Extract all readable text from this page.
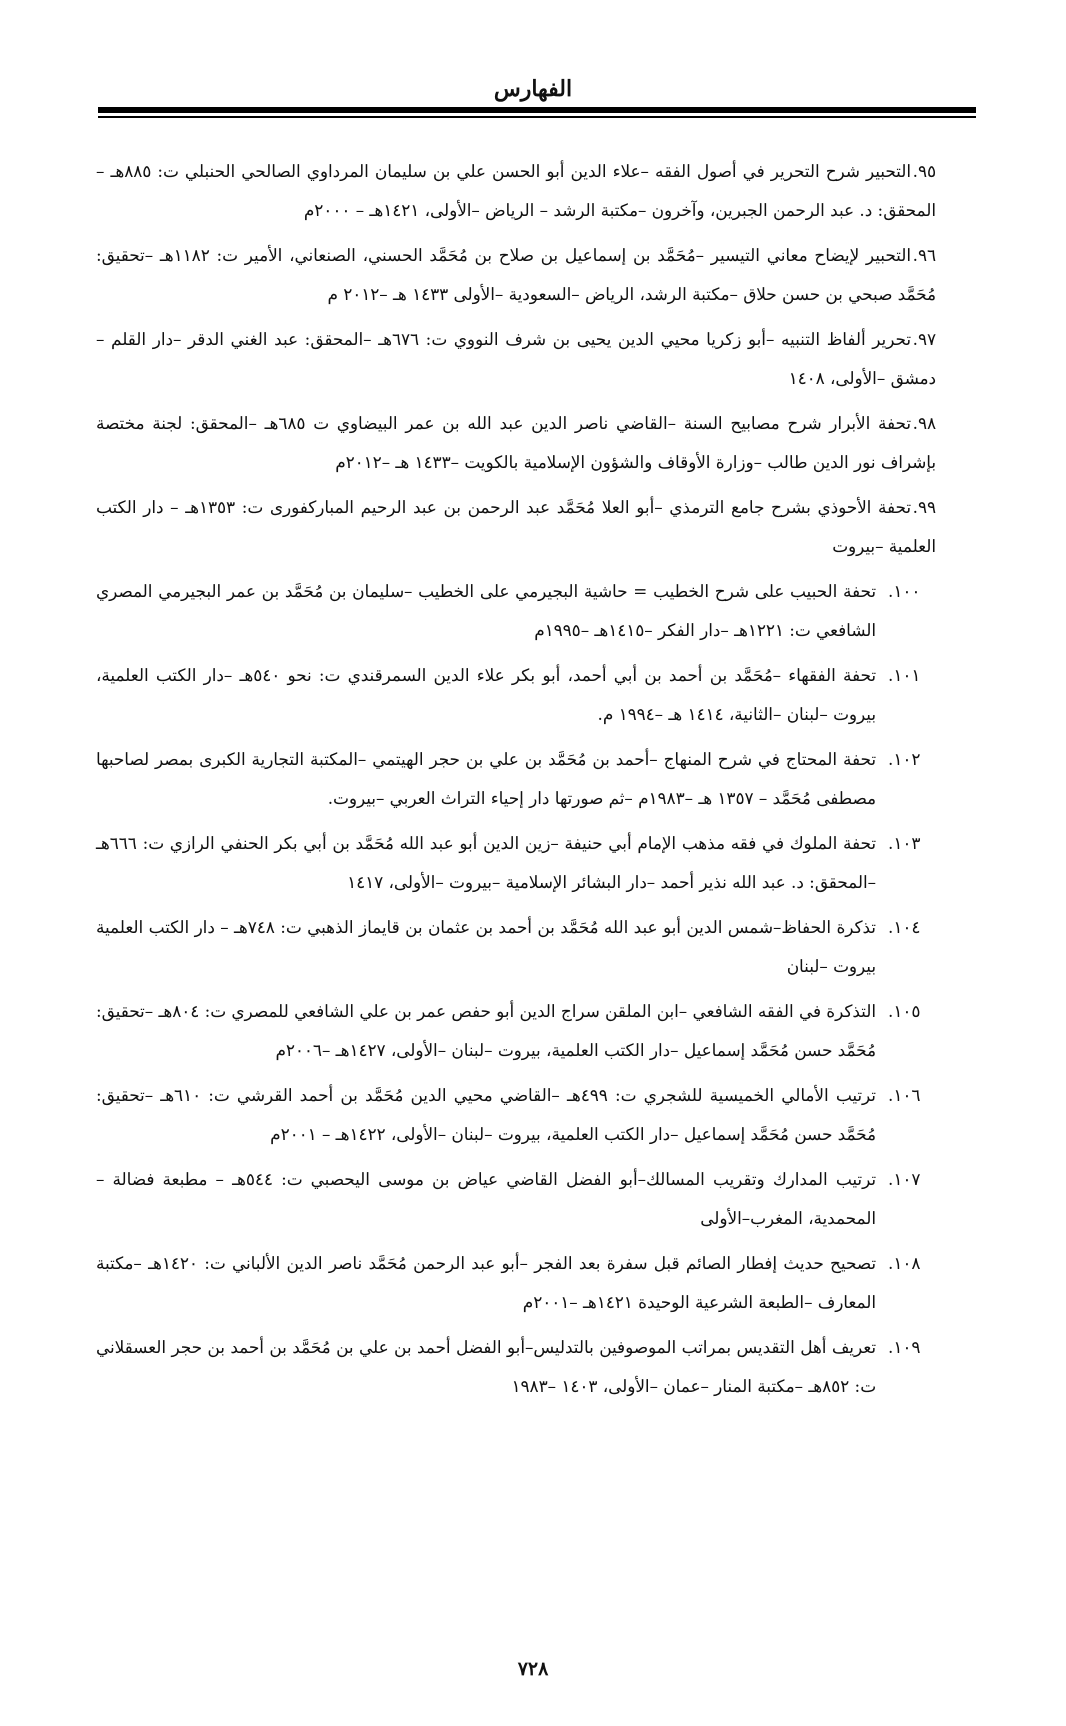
الفهارس
٩٥.
التحبير شرح التحرير في أصول الفقه –علاء الدين أبو الحسن علي بن سليمان المرداوي الصالحي الحنبلي ت: ٨٨٥هـ –المحقق: د. عبد الرحمن الجبرين، وآخرون –مكتبة الرشد – الرياض –الأولى، ١٤٢١هـ – ٢٠٠٠م
٩٦.
التحبير لإيضاح معاني التيسير –مُحَمَّد بن إسماعيل بن صلاح بن مُحَمَّد الحسني، الصنعاني، الأمير ت: ١١٨٢هـ –تحقيق: مُحَمَّد صبحي بن حسن حلاق –مكتبة الرشد، الرياض –السعودية –الأولى ١٤٣٣ هـ –٢٠١٢ م
٩٧.
تحرير ألفاظ التنبيه –أبو زكريا محيي الدين يحيى بن شرف النووي ت: ٦٧٦هـ –المحقق: عبد الغني الدقر –دار القلم –دمشق –الأولى، ١٤٠٨
٩٨.
تحفة الأبرار شرح مصابيح السنة –القاضي ناصر الدين عبد الله بن عمر البيضاوي ت ٦٨٥هـ –المحقق: لجنة مختصة بإشراف نور الدين طالب –وزارة الأوقاف والشؤون الإسلامية بالكويت –١٤٣٣ هـ –٢٠١٢م
٩٩.
تحفة الأحوذي بشرح جامع الترمذي –أبو العلا مُحَمَّد عبد الرحمن بن عبد الرحيم المباركفورى ت: ١٣٥٣هـ – دار الكتب العلمية –بيروت
١٠٠.
تحفة الحبيب على شرح الخطيب = حاشية البجيرمي على الخطيب –سليمان بن مُحَمَّد بن عمر البجيرمي المصري الشافعي ت: ١٢٢١هـ –دار الفكر –١٤١٥هـ –١٩٩٥م
١٠١.
تحفة الفقهاء –مُحَمَّد بن أحمد بن أبي أحمد، أبو بكر علاء الدين السمرقندي ت: نحو ٥٤٠هـ –دار الكتب العلمية، بيروت –لبنان –الثانية، ١٤١٤ هـ –١٩٩٤ م.
١٠٢.
تحفة المحتاج في شرح المنهاج –أحمد بن مُحَمَّد بن علي بن حجر الهيتمي –المكتبة التجارية الكبرى بمصر لصاحبها مصطفى مُحَمَّد – ١٣٥٧ هـ –١٩٨٣م –ثم صورتها دار إحياء التراث العربي –بيروت.
١٠٣.
تحفة الملوك في فقه مذهب الإمام أبي حنيفة –زين الدين أبو عبد الله مُحَمَّد بن أبي بكر الحنفي الرازي ت: ٦٦٦هـ –المحقق: د. عبد الله نذير أحمد –دار البشائر الإسلامية –بيروت –الأولى، ١٤١٧
١٠٤.
تذكرة الحفاظ–شمس الدين أبو عبد الله مُحَمَّد بن أحمد بن عثمان بن قايماز الذهبي ت: ٧٤٨هـ – دار الكتب العلمية بيروت –لبنان
١٠٥.
التذكرة في الفقه الشافعي –ابن الملقن سراج الدين أبو حفص عمر بن علي الشافعي للمصري ت: ٨٠٤هـ –تحقيق: مُحَمَّد حسن مُحَمَّد إسماعيل –دار الكتب العلمية، بيروت –لبنان –الأولى، ١٤٢٧هـ –٢٠٠٦م
١٠٦.
ترتيب الأمالي الخميسية للشجري ت: ٤٩٩هـ –القاضي محيي الدين مُحَمَّد بن أحمد القرشي ت: ٦١٠هـ –تحقيق: مُحَمَّد حسن مُحَمَّد إسماعيل –دار الكتب العلمية، بيروت –لبنان –الأولى، ١٤٢٢هـ – ٢٠٠١م
١٠٧.
ترتيب المدارك وتقريب المسالك–أبو الفضل القاضي عياض بن موسى اليحصبي ت: ٥٤٤هـ – مطبعة فضالة –المحمدية، المغرب–الأولى
١٠٨.
تصحيح حديث إفطار الصائم قبل سفرة بعد الفجر –أبو عبد الرحمن مُحَمَّد ناصر الدين الألباني ت: ١٤٢٠هـ –مكتبة المعارف –الطبعة الشرعية الوحيدة ١٤٢١هـ –٢٠٠١م
١٠٩.
تعريف أهل التقديس بمراتب الموصوفين بالتدليس–أبو الفضل أحمد بن علي بن مُحَمَّد بن أحمد بن حجر العسقلاني ت: ٨٥٢هـ –مكتبة المنار –عمان –الأولى، ١٤٠٣ –١٩٨٣
٧٢٨
